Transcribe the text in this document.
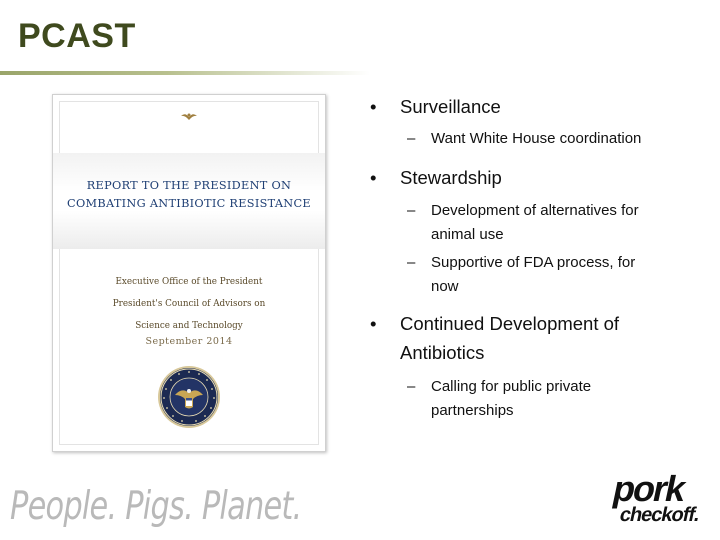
PCAST
REPORT TO THE PRESIDENT ON
COMBATING ANTIBIOTIC RESISTANCE
Executive Office of the President
President's Council of Advisors on
Science and Technology
September 2014
• Surveillance
– Want White House coordination
• Stewardship
– Development of alternatives for
animal use
– Supportive of FDA process, for
now
• Continued Development of
Antibiotics
– Calling for public private
partnerships
People. Pigs. Planet.	pork
checkoff.
